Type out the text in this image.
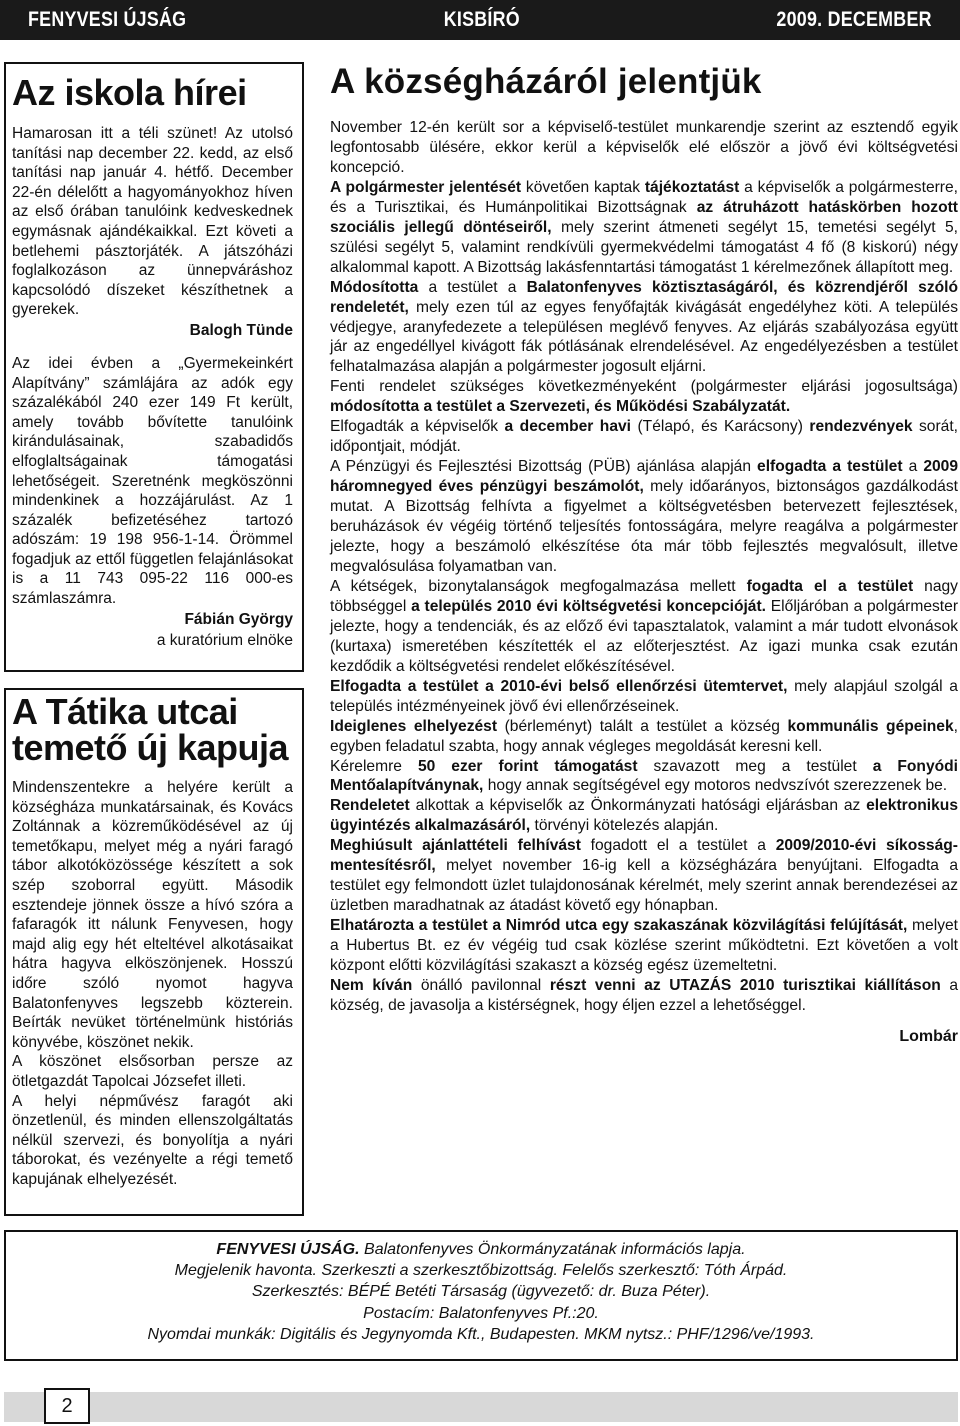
FENYVESI ÚJSÁG	KISBÍRÓ	2009. DECEMBER
Az iskola hírei

Hamarosan itt a téli szünet! Az utolsó tanítási nap december 22. kedd, az első tanítási nap január 4. hétfő. December 22-én délelőtt a hagyományokhoz híven az első órában tanulóink kedveskednek egymásnak ajándékaikkal. Ezt követi a betlehemi pásztorjáték. A játszóházi foglalkozáson az ünnepváráshoz kapcsolódó díszeket készíthetnek a gyerekek.

Balogh Tünde

Az idei évben a „Gyermekeinkért Alapítvány” számlájára az adók egy százalékából 240 ezer 149 Ft került, amely tovább bővítette tanulóink kirándulásainak, szabadidős elfoglaltságainak támogatási lehetőségeit. Szeretnénk megköszönni mindenkinek a hozzájárulást. Az 1 százalék befizetéséhez tartozó adószám: 19 198 956-1-14. Örömmel fogadjuk az ettől független felajánlásokat is a 11 743 095-22 116 000-es számlaszámra.

Fábián György

a kuratórium elnöke

A Tátika utcai temető új kapuja

Mindenszentekre a helyére került a községháza munkatársainak, és Kovács Zoltánnak a közreműködésével az új temetőkapu, melyet még a nyári faragó tábor alkotóközössége készített a sok szép szoborral együtt. Második esztendeje jönnek össze a hívó szóra a fafaragók itt nálunk Fenyvesen, hogy majd alig egy hét elteltével alkotásaikat hátra hagyva elköszönjenek. Hosszú időre szóló nyomot hagyva Balatonfenyves legszebb közterein. Beírták nevüket történelmünk históriás könyvébe, köszönet nekik.

A köszönet elsősorban persze az ötletgazdát Tapolcai Józsefet illeti.

A helyi népművész faragót aki önzetlenül, és minden ellenszolgáltatás nélkül szervezi, és bonyolítja a nyári táborokat, és vezényelte a régi temető kapujának elhelyezését.

A községházáról jelentjük

November 12-én került sor a képviselő-testület munkarendje szerint az esztendő egyik legfontosabb ülésére, ekkor kerül a képviselők elé először a jövő évi költségvetési koncepció.

A polgármester jelentését követően kaptak tájékoztatást a képviselők a polgármesterre, és a Turisztikai, és Humánpolitikai Bizottságnak az átruházott hatáskörben hozott szociális jellegű döntéseiről, mely szerint átmeneti segélyt 15, temetési segélyt 5, szülési segélyt 5, valamint rendkívüli gyermekvédelmi támogatást 4 fő (8 kiskorú) négy alkalommal kapott. A Bizottság lakásfenntartási támogatást 1 kérelmezőnek állapított meg.

Módosította a testület a Balatonfenyves köztisztaságáról, és közrendjéről szóló rendeletét, mely ezen túl az egyes fenyőfajták kivágását engedélyhez köti. A település védjegye, aranyfedezete a településen meglévő fenyves. Az eljárás szabályozása együtt jár az engedéllyel kivágott fák pótlásának elrendelésével. Az engedélyezésben a testület felhatalmazása alapján a polgármester jogosult eljárni.

Fenti rendelet szükséges következményeként (polgármester eljárási jogosultsága) módosította a testület a Szervezeti, és Működési Szabályzatát.

Elfogadták a képviselők a december havi (Télapó, és Karácsony) rendezvények sorát, időpontjait, módját.

A Pénzügyi és Fejlesztési Bizottság (PÜB) ajánlása alapján elfogadta a testület a 2009 háromnegyed éves pénzügyi beszámolót, mely időarányos, biztonságos gazdálkodást mutat. A Bizottság felhívta a figyelmet a költségvetésben betervezett fejlesztések, beruházások év végéig történő teljesítés fontosságára, melyre reagálva a polgármester jelezte, hogy a beszámoló elkészítése óta már több fejlesztés megvalósult, illetve megvalósulása folyamatban van.

A kétségek, bizonytalanságok megfogalmazása mellett fogadta el a testület nagy többséggel a település 2010 évi költségvetési koncepcióját. Előljáróban a polgármester jelezte, hogy a tendenciák, és az előző évi tapasztalatok, valamint a már tudott elvonások (kurtaxa) ismeretében készítették el az előterjesztést. Az igazi munka csak ezután kezdődik a költségvetési rendelet előkészítésével.

Elfogadta a testület a 2010-évi belső ellenőrzési ütemtervet, mely alapjául szolgál a település intézményeinek jövő évi ellenőrzéseinek.

Ideiglenes elhelyezést (bérleményt) talált a testület a község kommunális gépeinek, egyben feladatul szabta, hogy annak végleges megoldását keresni kell.

Kérelemre 50 ezer forint támogatást szavazott meg a testület a Fonyódi Mentőalapítványnak, hogy annak segítségével egy motoros nedvszívót szerezzenek be.

Rendeletet alkottak a képviselők az Önkormányzati hatósági eljárásban az elektronikus ügyintézés alkalmazásáról, törvényi kötelezés alapján.

Meghiúsult ajánlattételi felhívást fogadott el a testület a 2009/2010-évi síkosság-mentesítésről, melyet november 16-ig kell a községházára benyújtani. Elfogadta a testület egy felmondott üzlet tulajdonosának kérelmét, mely szerint annak berendezései az üzletben maradhatnak az átadást követő egy hónapban.

Elhatározta a testület a Nimród utca egy szakaszának közvilágítási felújítását, melyet a Hubertus Bt. ez év végéig tud csak közlése szerint működtetni. Ezt követően a volt központ előtti közvilágítási szakaszt a község egész üzemeltetni.

Nem kíván önálló pavilonnal részt venni az UTAZÁS 2010 turisztikai kiállításon a község, de javasolja a kistérségnek, hogy éljen ezzel a lehetőséggel.

Lombár
FENYVESI ÚJSÁG. Balatonfenyves Önkormányzatának információs lapja.
Megjelenik havonta. Szerkeszti a szerkesztőbizottság. Felelős szerkesztő: Tóth Árpád.
Szerkesztés: BÉPÉ Betéti Társaság (ügyvezető: dr. Buza Péter).
Postacím: Balatonfenyves Pf.:20.
Nyomdai munkák: Digitális és Jegynyomda Kft., Budapesten. MKM nytsz.: PHF/1296/ve/1993.
2
